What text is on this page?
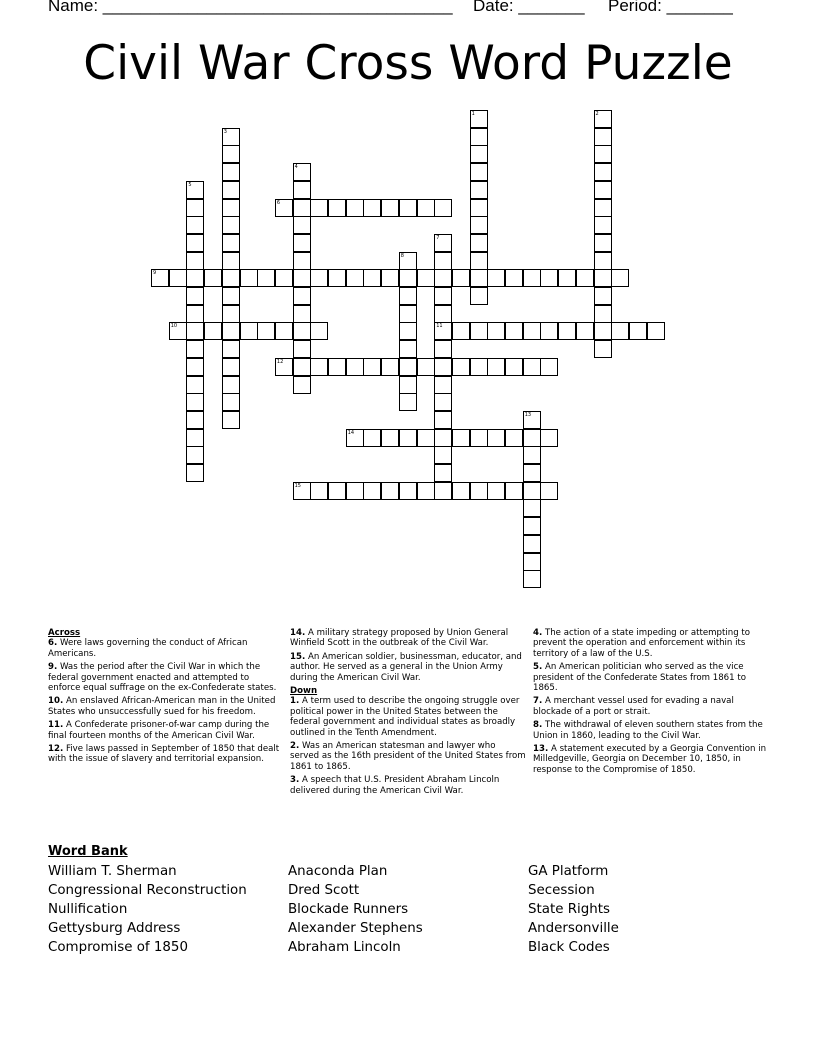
Name: _____________________________________ Date: _______ Period: _______
Civil War Cross Word Puzzle
1	2
3
4
5
6
7
8
9
10	11
12
13
14
15
Across
6. Were laws governing the conduct of African Americans.
9. Was the period after the Civil War in which the federal government enacted and attempted to enforce equal suffrage on the ex-Confederate states.
10. An enslaved African-American man in the United States who unsuccessfully sued for his freedom.
11. A Confederate prisoner-of-war camp during the final fourteen months of the American Civil War.
12. Five laws passed in September of 1850 that dealt with the issue of slavery and territorial expansion.
14. A military strategy proposed by Union General Winfield Scott in the outbreak of the Civil War.
15. An American soldier, businessman, educator, and author. He served as a general in the Union Army during the American Civil War.
Down
1. A term used to describe the ongoing struggle over political power in the United States between the federal government and individual states as broadly outlined in the Tenth Amendment.
2. Was an American statesman and lawyer who served as the 16th president of the United States from 1861 to 1865.
3. A speech that U.S. President Abraham Lincoln delivered during the American Civil War.
4. The action of a state impeding or attempting to prevent the operation and enforcement within its territory of a law of the U.S.
5. An American politician who served as the vice president of the Confederate States from 1861 to 1865.
7. A merchant vessel used for evading a naval blockade of a port or strait.
8. The withdrawal of eleven southern states from the Union in 1860, leading to the Civil War.
13. A statement executed by a Georgia Convention in Milledgeville, Georgia on December 10, 1850, in response to the Compromise of 1850.
Word Bank
William T. Sherman
Congressional Reconstruction
Nullification
Gettysburg Address
Compromise of 1850
Anaconda Plan
Dred Scott
Blockade Runners
Alexander Stephens
Abraham Lincoln
GA Platform
Secession
State Rights
Andersonville
Black Codes
